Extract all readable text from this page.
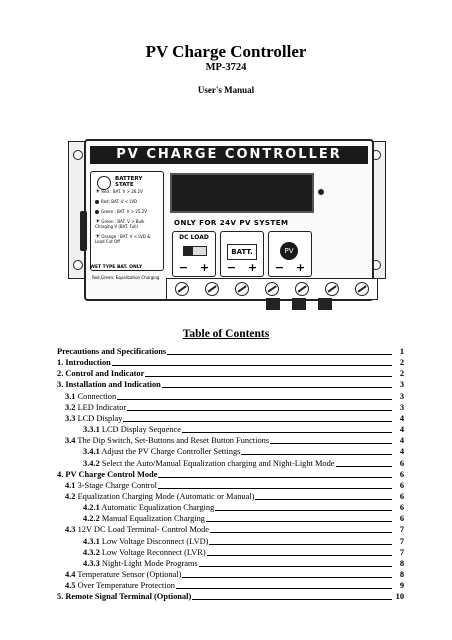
PV Charge Controller
MP-3724
User's Manual
PV CHARGE CONTROLLER
BATTERY STATE
☀Red : BAT. V > 26.2V
Red: BAT. V < LVD
Green : BAT. V > 25.2V
☀Green : BAT. V > Bulk Charging V (BAT. Full)
☀Orange : BAT. V < LVD & Load Cut Off
WET TYPE BAT. ONLY
Red,Green: Equalization Charging
ONLY FOR 24V PV SYSTEM
DC LOAD
− +
BATT.
− +
PV
− +
Table of Contents
Precautions and Specifications	1
1. Introduction	2
2. Control and Indicator	2
3. Installation and Indication	3
3.1 Connection	3
3.2 LED Indicator	3
3.3 LCD Display	4
3.3.1 LCD Display Sequence	4
3.4 The Dip Switch, Set-Buttons and Reset Button Functions	4
3.4.1 Adjust the PV Charge Controller Settings	4
3.4.2 Select the Auto/Manual Equalization charging and Night-Light Mode	6
4. PV Charge Control Mode	6
4.1 3-Stage Charge Control	6
4.2 Equalization Charging Mode (Automatic or Manual)	6
4.2.1 Automatic Equalization Charging	6
4.2.2 Manual Equalization Charging	6
4.3 12V DC Load Terminal- Control Mode	7
4.3.1 Low Voltage Disconnect (LVD)	7
4.3.2 Low Voltage Reconnect (LVR)	7
4.3.3 Night-Light Mode Programs	8
4.4 Temperature Sensor (Optional)	8
4.5 Over Temperature Protection	9
5. Remote Signal Terminal (Optional)	10
